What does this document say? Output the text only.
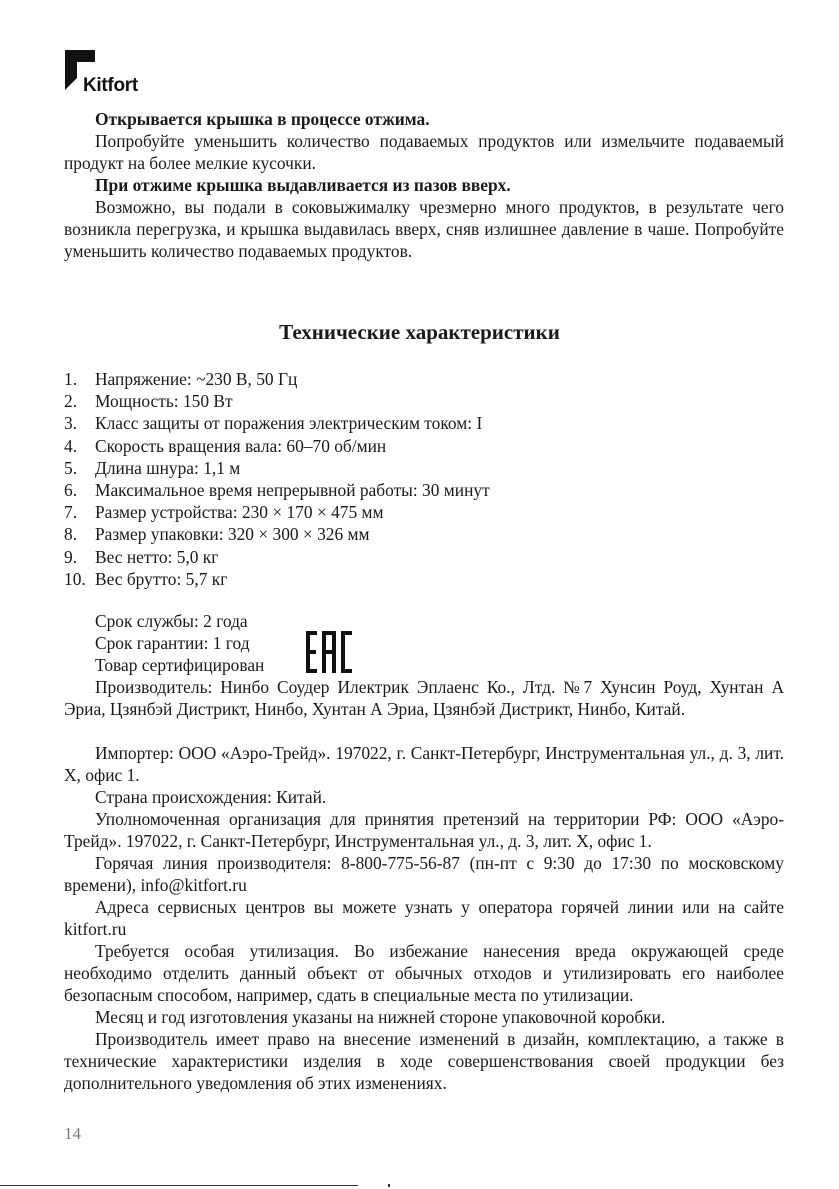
Kitfort

Открывается крышка в процессе отжима.

Попробуйте уменьшить количество подаваемых продуктов или измельчите подаваемый продукт на более мелкие кусочки.

При отжиме крышка выдавливается из пазов вверх.

Возможно, вы подали в соковыжималку чрезмерно много продуктов, в результате чего возникла перегрузка, и крышка выдавилась вверх, сняв излишнее давление в чаше. Попробуйте уменьшить количество подаваемых продуктов.

Технические характеристики
1. Напряжение: ~230 В, 50 Гц
2. Мощность: 150 Вт
3. Класс защиты от поражения электрическим током: I
4. Скорость вращения вала: 60–70 об/мин
5. Длина шнура: 1,1 м
6. Максимальное время непрерывной работы: 30 минут
7. Размер устройства: 230 × 170 × 475 мм
8. Размер упаковки: 320 × 300 × 326 мм
9. Вес нетто: 5,0 кг
10. Вес брутто: 5,7 кг

Срок службы: 2 года

Срок гарантии: 1 год

Товар сертифицирован

Производитель: Нинбо Соудер Илектрик Эплаенс Ко., Лтд. №7 Хунсин Роуд, Хунтан А Эриа, Цзянбэй Дистрикт, Нинбо, Хунтан А Эриа, Цзянбэй Дистрикт, Нинбо, Китай.

Импортер: ООО «Аэро-Трейд». 197022, г. Санкт-Петербург, Инструментальная ул., д. 3, лит. Х, офис 1.

Страна происхождения: Китай.

Уполномоченная организация для принятия претензий на территории РФ: ООО «Аэро-Трейд». 197022, г. Санкт-Петербург, Инструментальная ул., д. 3, лит. Х, офис 1.

Горячая линия производителя: 8-800-775-56-87 (пн-пт с 9:30 до 17:30 по московскому времени), info@kitfort.ru

Адреса сервисных центров вы можете узнать у оператора горячей линии или на сайте kitfort.ru

Требуется особая утилизация. Во избежание нанесения вреда окружающей среде необходимо отделить данный объект от обычных отходов и утилизировать его наиболее безопасным способом, например, сдать в специальные места по утилизации.

Месяц и год изготовления указаны на нижней стороне упаковочной коробки.

Производитель имеет право на внесение изменений в дизайн, комплектацию, а также в технические характеристики изделия в ходе совершенствования своей продукции без дополнительного уведомления об этих изменениях.

14
